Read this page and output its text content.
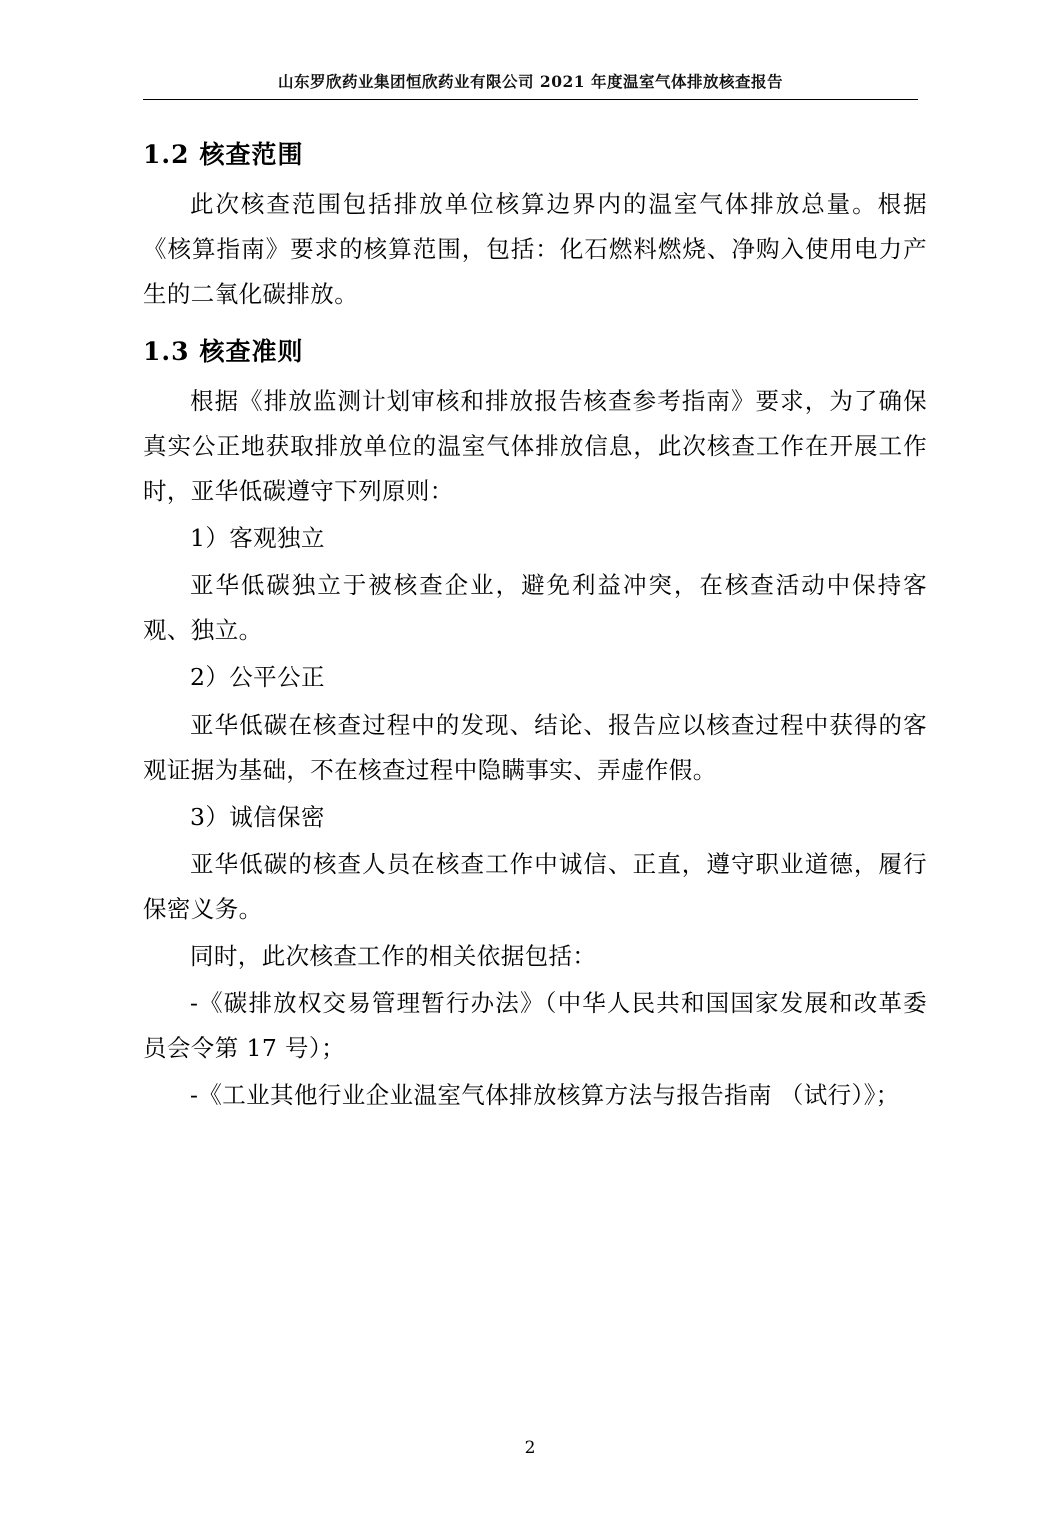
山东罗欣药业集团恒欣药业有限公司 2021 年度温室气体排放核查报告
1.2 核查范围

此次核查范围包括排放单位核算边界内的温室气体排放总量。根据《核算指南》要求的核算范围，包括：化石燃料燃烧、净购入使用电力产生的二氧化碳排放。

1.3 核查准则

根据《排放监测计划审核和排放报告核查参考指南》要求，为了确保真实公正地获取排放单位的温室气体排放信息，此次核查工作在开展工作时，亚华低碳遵守下列原则：

1）客观独立

亚华低碳独立于被核查企业，避免利益冲突，在核查活动中保持客观、独立。

2）公平公正

亚华低碳在核查过程中的发现、结论、报告应以核查过程中获得的客观证据为基础，不在核查过程中隐瞒事实、弄虚作假。

3）诚信保密

亚华低碳的核查人员在核查工作中诚信、正直，遵守职业道德，履行保密义务。

同时，此次核查工作的相关依据包括：

-《碳排放权交易管理暂行办法》（中华人民共和国国家发展和改革委员会令第 17 号）；

-《工业其他行业企业温室气体排放核算方法与报告指南 （试行）》；

2
